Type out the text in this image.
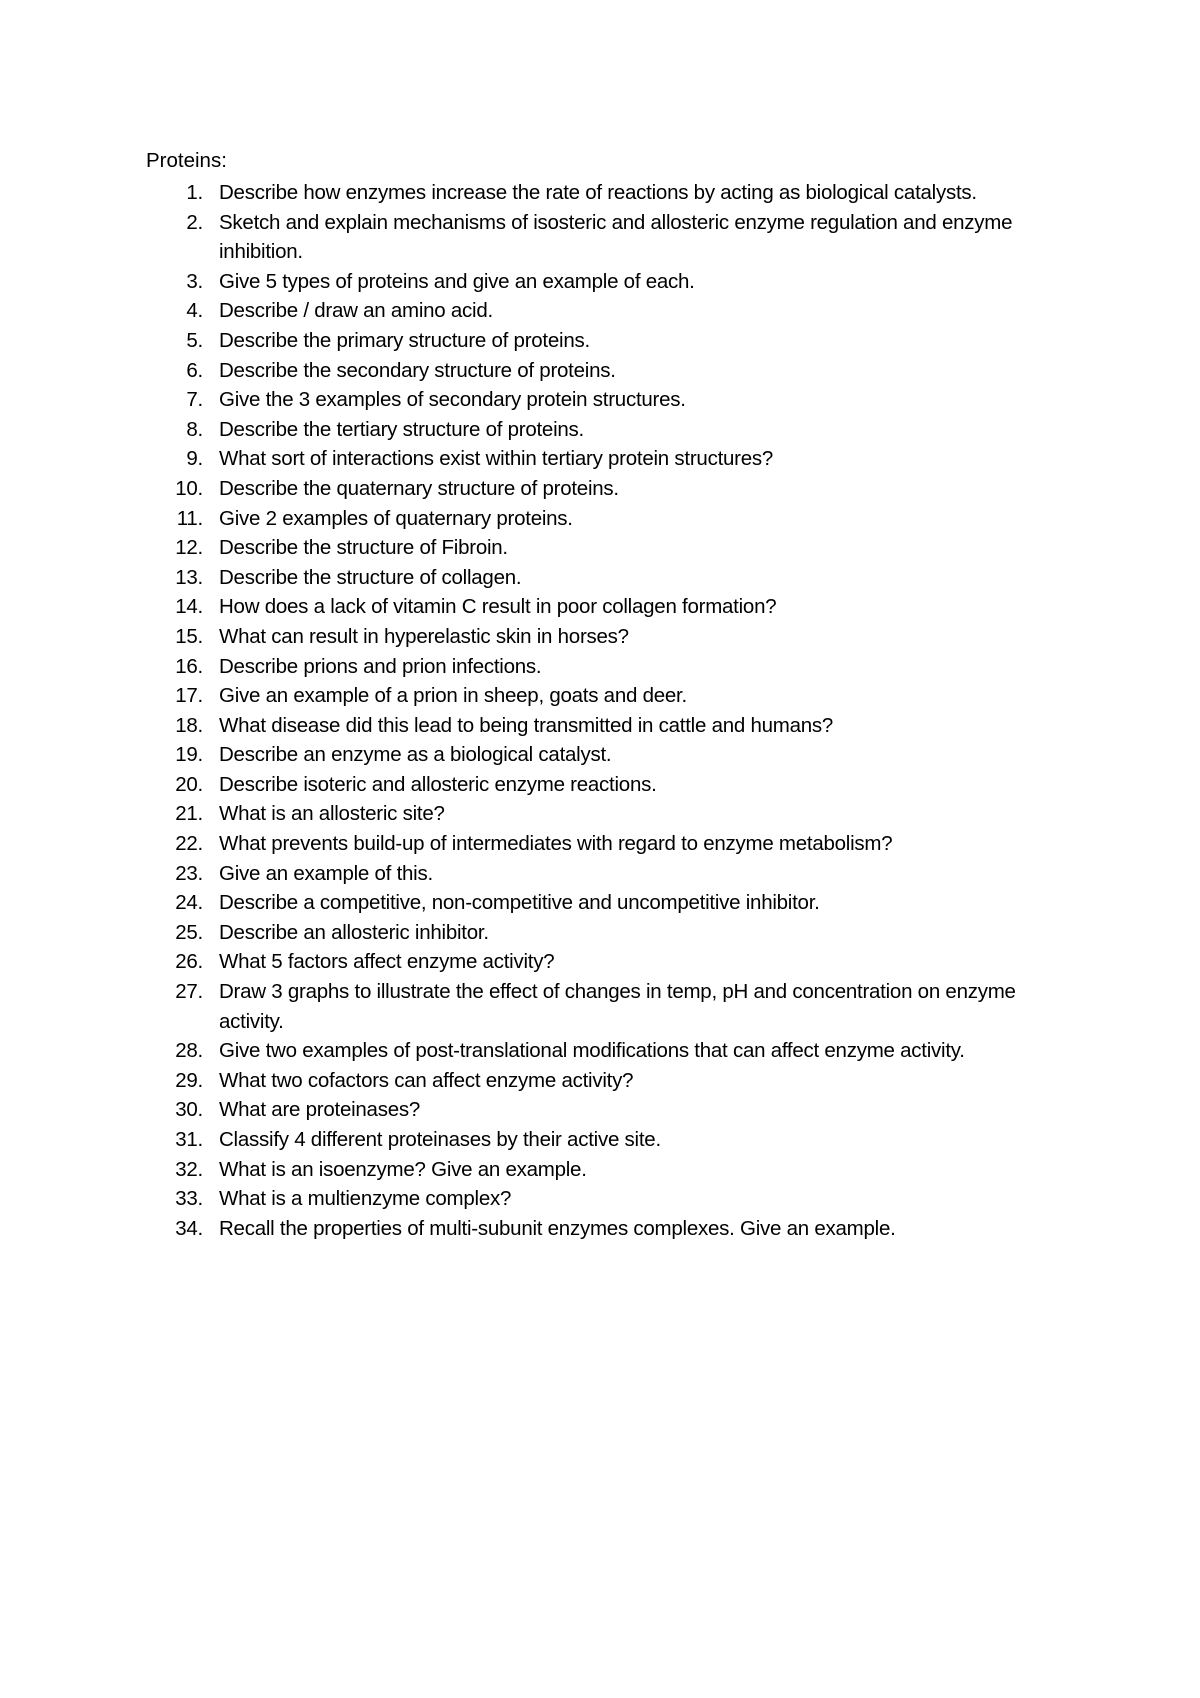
Proteins:
1. Describe how enzymes increase the rate of reactions by acting as biological catalysts.
2. Sketch and explain mechanisms of isosteric and allosteric enzyme regulation and enzyme inhibition.
3. Give 5 types of proteins and give an example of each.
4. Describe / draw an amino acid.
5. Describe the primary structure of proteins.
6. Describe the secondary structure of proteins.
7. Give the 3 examples of secondary protein structures.
8. Describe the tertiary structure of proteins.
9. What sort of interactions exist within tertiary protein structures?
10. Describe the quaternary structure of proteins.
11. Give 2 examples of quaternary proteins.
12. Describe the structure of Fibroin.
13. Describe the structure of collagen.
14. How does a lack of vitamin C result in poor collagen formation?
15. What can result in hyperelastic skin in horses?
16. Describe prions and prion infections.
17. Give an example of a prion in sheep, goats and deer.
18. What disease did this lead to being transmitted in cattle and humans?
19. Describe an enzyme as a biological catalyst.
20. Describe isoteric and allosteric enzyme reactions.
21. What is an allosteric site?
22. What prevents build-up of intermediates with regard to enzyme metabolism?
23. Give an example of this.
24. Describe a competitive, non-competitive and uncompetitive inhibitor.
25. Describe an allosteric inhibitor.
26. What 5 factors affect enzyme activity?
27. Draw 3 graphs to illustrate the effect of changes in temp, pH and concentration on enzyme activity.
28. Give two examples of post-translational modifications that can affect enzyme activity.
29. What two cofactors can affect enzyme activity?
30. What are proteinases?
31. Classify 4 different proteinases by their active site.
32. What is an isoenzyme? Give an example.
33. What is a multienzyme complex?
34. Recall the properties of multi-subunit enzymes complexes. Give an example.
